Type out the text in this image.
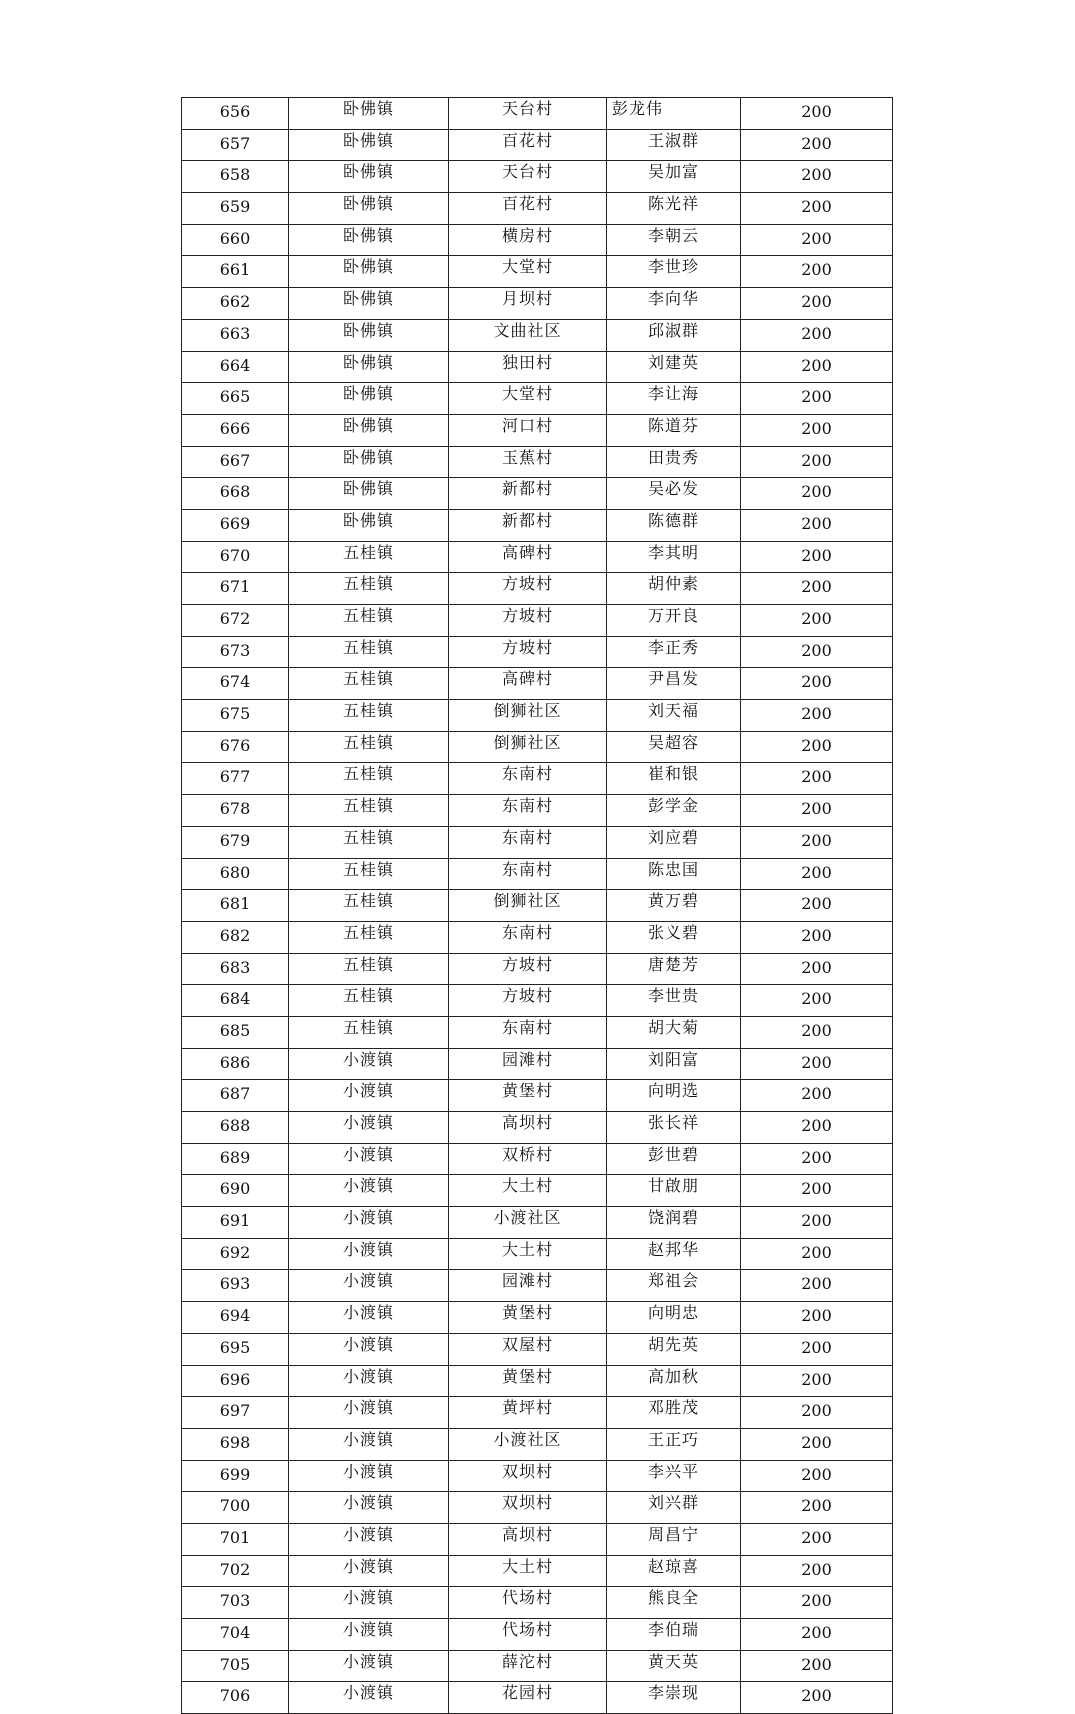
656	卧佛镇	天台村	彭龙伟	200
657	卧佛镇	百花村	王淑群	200
658	卧佛镇	天台村	吴加富	200
659	卧佛镇	百花村	陈光祥	200
660	卧佛镇	横房村	李朝云	200
661	卧佛镇	大堂村	李世珍	200
662	卧佛镇	月坝村	李向华	200
663	卧佛镇	文曲社区	邱淑群	200
664	卧佛镇	独田村	刘建英	200
665	卧佛镇	大堂村	李让海	200
666	卧佛镇	河口村	陈道芬	200
667	卧佛镇	玉蕉村	田贵秀	200
668	卧佛镇	新都村	吴必发	200
669	卧佛镇	新都村	陈德群	200
670	五桂镇	高碑村	李其明	200
671	五桂镇	方坡村	胡仲素	200
672	五桂镇	方坡村	万开良	200
673	五桂镇	方坡村	李正秀	200
674	五桂镇	高碑村	尹昌发	200
675	五桂镇	倒狮社区	刘天福	200
676	五桂镇	倒狮社区	吴超容	200
677	五桂镇	东南村	崔和银	200
678	五桂镇	东南村	彭学金	200
679	五桂镇	东南村	刘应碧	200
680	五桂镇	东南村	陈忠国	200
681	五桂镇	倒狮社区	黄万碧	200
682	五桂镇	东南村	张义碧	200
683	五桂镇	方坡村	唐楚芳	200
684	五桂镇	方坡村	李世贵	200
685	五桂镇	东南村	胡大菊	200
686	小渡镇	园滩村	刘阳富	200
687	小渡镇	黄堡村	向明选	200
688	小渡镇	高坝村	张长祥	200
689	小渡镇	双桥村	彭世碧	200
690	小渡镇	大土村	甘啟朋	200
691	小渡镇	小渡社区	饶润碧	200
692	小渡镇	大土村	赵邦华	200
693	小渡镇	园滩村	郑祖会	200
694	小渡镇	黄堡村	向明忠	200
695	小渡镇	双屋村	胡先英	200
696	小渡镇	黄堡村	高加秋	200
697	小渡镇	黄坪村	邓胜茂	200
698	小渡镇	小渡社区	王正巧	200
699	小渡镇	双坝村	李兴平	200
700	小渡镇	双坝村	刘兴群	200
701	小渡镇	高坝村	周昌宁	200
702	小渡镇	大土村	赵琼喜	200
703	小渡镇	代场村	熊良全	200
704	小渡镇	代场村	李伯瑞	200
705	小渡镇	薛沱村	黄天英	200
706	小渡镇	花园村	李崇现	200
